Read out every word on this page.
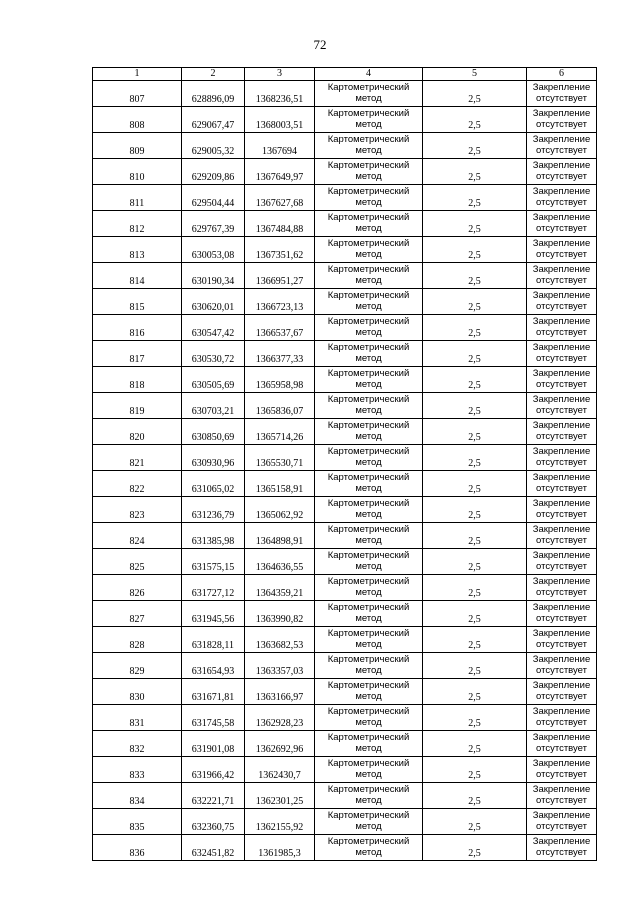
72
1	2	3	4	5	6
807	628896,09	1368236,51	Картометрический метод	2,5	Закрепление отсутствует
808	629067,47	1368003,51	Картометрический метод	2,5	Закрепление отсутствует
809	629005,32	1367694	Картометрический метод	2,5	Закрепление отсутствует
810	629209,86	1367649,97	Картометрический метод	2,5	Закрепление отсутствует
811	629504,44	1367627,68	Картометрический метод	2,5	Закрепление отсутствует
812	629767,39	1367484,88	Картометрический метод	2,5	Закрепление отсутствует
813	630053,08	1367351,62	Картометрический метод	2,5	Закрепление отсутствует
814	630190,34	1366951,27	Картометрический метод	2,5	Закрепление отсутствует
815	630620,01	1366723,13	Картометрический метод	2,5	Закрепление отсутствует
816	630547,42	1366537,67	Картометрический метод	2,5	Закрепление отсутствует
817	630530,72	1366377,33	Картометрический метод	2,5	Закрепление отсутствует
818	630505,69	1365958,98	Картометрический метод	2,5	Закрепление отсутствует
819	630703,21	1365836,07	Картометрический метод	2,5	Закрепление отсутствует
820	630850,69	1365714,26	Картометрический метод	2,5	Закрепление отсутствует
821	630930,96	1365530,71	Картометрический метод	2,5	Закрепление отсутствует
822	631065,02	1365158,91	Картометрический метод	2,5	Закрепление отсутствует
823	631236,79	1365062,92	Картометрический метод	2,5	Закрепление отсутствует
824	631385,98	1364898,91	Картометрический метод	2,5	Закрепление отсутствует
825	631575,15	1364636,55	Картометрический метод	2,5	Закрепление отсутствует
826	631727,12	1364359,21	Картометрический метод	2,5	Закрепление отсутствует
827	631945,56	1363990,82	Картометрический метод	2,5	Закрепление отсутствует
828	631828,11	1363682,53	Картометрический метод	2,5	Закрепление отсутствует
829	631654,93	1363357,03	Картометрический метод	2,5	Закрепление отсутствует
830	631671,81	1363166,97	Картометрический метод	2,5	Закрепление отсутствует
831	631745,58	1362928,23	Картометрический метод	2,5	Закрепление отсутствует
832	631901,08	1362692,96	Картометрический метод	2,5	Закрепление отсутствует
833	631966,42	1362430,7	Картометрический метод	2,5	Закрепление отсутствует
834	632221,71	1362301,25	Картометрический метод	2,5	Закрепление отсутствует
835	632360,75	1362155,92	Картометрический метод	2,5	Закрепление отсутствует
836	632451,82	1361985,3	Картометрический метод	2,5	Закрепление отсутствует
